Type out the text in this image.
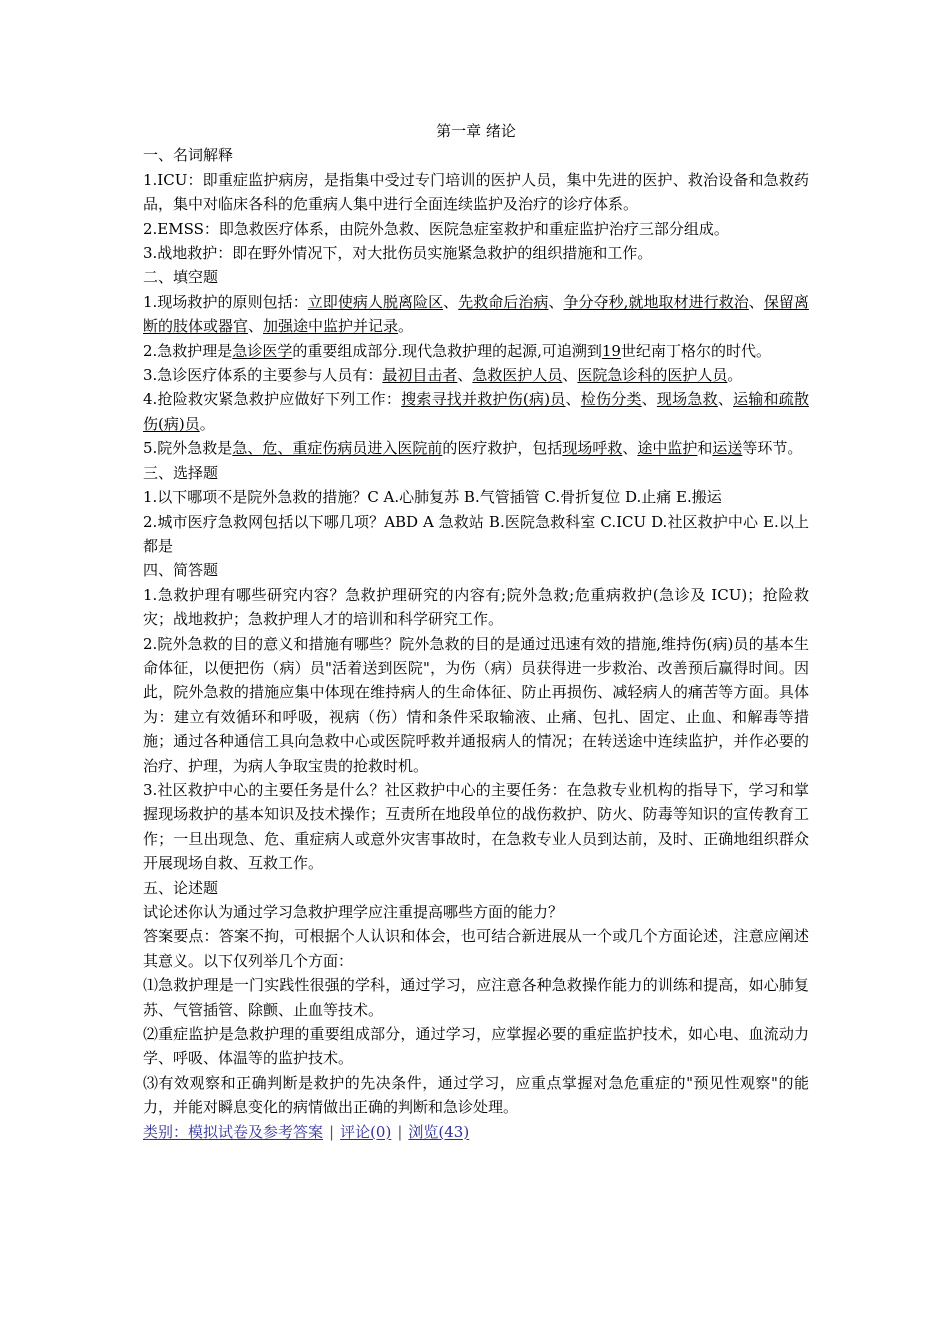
第一章 绪论

一、名词解释

1.ICU：即重症监护病房，是指集中受过专门培训的医护人员，集中先进的医护、救治设备和急救药品，集中对临床各科的危重病人集中进行全面连续监护及治疗的诊疗体系。

2.EMSS：即急救医疗体系，由院外急救、医院急症室救护和重症监护治疗三部分组成。

3.战地救护：即在野外情况下，对大批伤员实施紧急救护的组织措施和工作。

二、填空题

1.现场救护的原则包括：立即使病人脱离险区、先救命后治病、争分夺秒,就地取材进行救治、保留离断的肢体或器官、加强途中监护并记录。

2.急救护理是急诊医学的重要组成部分.现代急救护理的起源,可追溯到19世纪南丁格尔的时代。

3.急诊医疗体系的主要参与人员有：最初目击者、急救医护人员、医院急诊科的医护人员。

4.抢险救灾紧急救护应做好下列工作：搜索寻找并救护伤(病)员、检伤分类、现场急救、运输和疏散伤(病)员。

5.院外急救是急、危、重症伤病员进入医院前的医疗救护，包括现场呼救、途中监护和运送等环节。

三、选择题

1.以下哪项不是院外急救的措施？C A.心肺复苏 B.气管插管 C.骨折复位 D.止痛 E.搬运

2.城市医疗急救网包括以下哪几项？ABD A 急救站 B.医院急救科室 C.ICU D.社区救护中心 E.以上都是

四、简答题

1.急救护理有哪些研究内容？急救护理研究的内容有;院外急救;危重病救护(急诊及 ICU)；抢险救灾；战地救护；急救护理人才的培训和科学研究工作。

2.院外急救的目的意义和措施有哪些？院外急救的目的是通过迅速有效的措施,维持伤(病)员的基本生命体征，以便把伤（病）员"活着送到医院"，为伤（病）员获得进一步救治、改善预后赢得时间。因此，院外急救的措施应集中体现在维持病人的生命体征、防止再损伤、减轻病人的痛苦等方面。具体为：建立有效循环和呼吸，视病（伤）情和条件采取输液、止痛、包扎、固定、止血、和解毒等措施；通过各种通信工具向急救中心或医院呼救并通报病人的情况；在转送途中连续监护，并作必要的治疗、护理，为病人争取宝贵的抢救时机。

3.社区救护中心的主要任务是什么？社区救护中心的主要任务：在急救专业机构的指导下，学习和掌握现场救护的基本知识及技术操作；互责所在地段单位的战伤救护、防火、防毒等知识的宣传教育工作；一旦出现急、危、重症病人或意外灾害事故时，在急救专业人员到达前，及时、正确地组织群众开展现场自救、互救工作。

五、论述题

试论述你认为通过学习急救护理学应注重提高哪些方面的能力？

答案要点：答案不拘，可根据个人认识和体会，也可结合新进展从一个或几个方面论述，注意应阐述其意义。以下仅列举几个方面：

⑴急救护理是一门实践性很强的学科，通过学习，应注意各种急救操作能力的训练和提高，如心肺复苏、气管插管、除颤、止血等技术。

⑵重症监护是急救护理的重要组成部分，通过学习，应掌握必要的重症监护技术，如心电、血流动力学、呼吸、体温等的监护技术。

⑶有效观察和正确判断是救护的先决条件，通过学习，应重点掌握对急危重症的"预见性观察"的能力，并能对瞬息变化的病情做出正确的判断和急诊处理。

类别：模拟试卷及参考答案 | 评论(0) | 浏览(43)
